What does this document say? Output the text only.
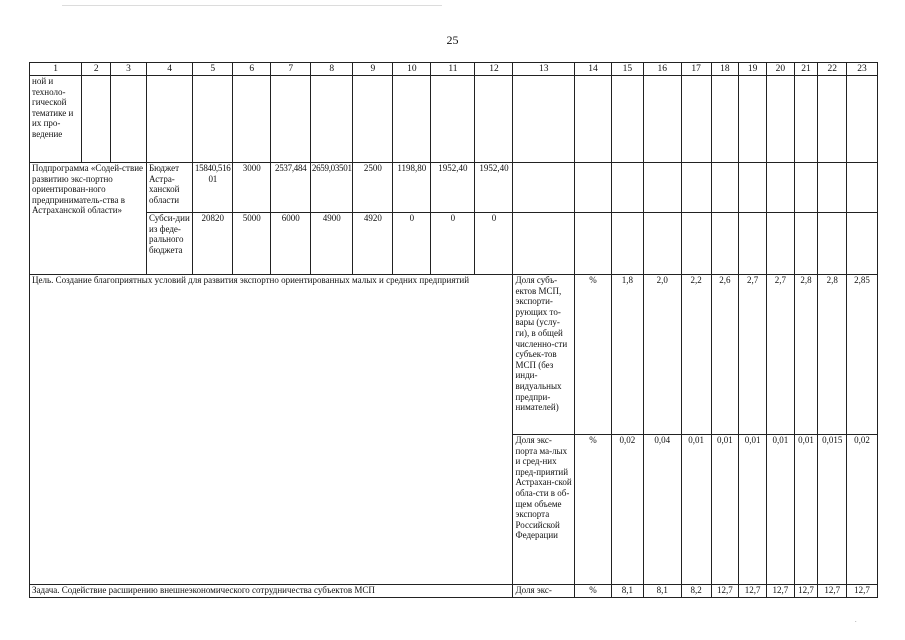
25
1	2	3	4	5	6	7	8	9	10	11	12	13	14	15	16	17	18	19	20	21	22	23
ной и техноло-гической тематике и их про-ведение																						
Подпрограмма «Содей-ствие развитию экс-портно ориентирован-ного предприниматель-ства в Астраханской области»			Бюджет Астра-ханской области	15840,51601	3000	2537,484	2659,03501	2500	1198,80	1952,40	1952,40											
			Субси-дии из феде-рального бюджета	20820	5000	6000	4900	4920	0	0	0											
Цель. Создание благоприятных условий для развития экспортно ориентированных малых и средних предприятий												Доля субъ-ектов МСП, экспорти-рующих то-вары (услу-ги), в общей численно-сти субъек-тов МСП (без инди-видуальных предпри-нимателей)	%	1,8	2,0	2,2	2,6	2,7	2,7	2,8	2,8	2,85
												Доля экс-порта ма-лых и сред-них пред-приятий Астрахан-ской обла-сти в об-щем объеме экспорта Российской Федерации	%	0,02	0,04	0,01	0,01	0,01	0,01	0,01	0,015	0,02
Задача. Содействие расширению внешнеэкономического сотрудничества субъектов МСП												Доля экс-	%	8,1	8,1	8,2	12,7	12,7	12,7	12,7	12,7	12,7
·
